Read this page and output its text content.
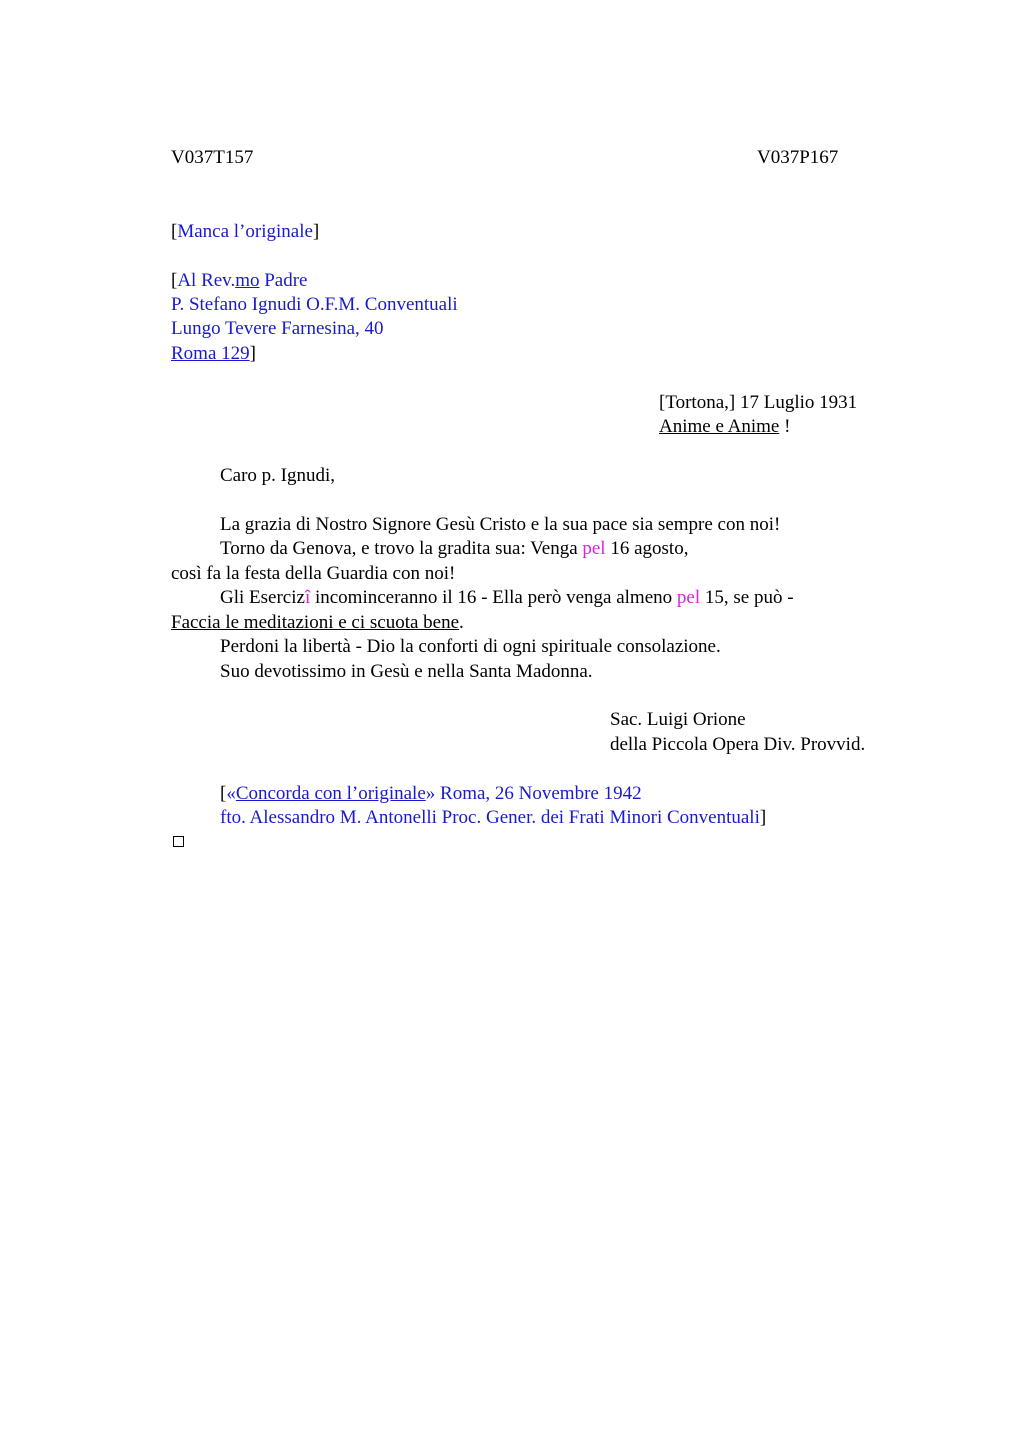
V037T157	V037P167
[Manca l’originale]
[Al Rev.mo Padre
P. Stefano Ignudi O.F.M. Conventuali
Lungo Tevere Farnesina, 40
Roma 129]
[Tortona,] 17 Luglio 1931
Anime e Anime !
Caro p. Ignudi,
La grazia di Nostro Signore Gesù Cristo e la sua pace sia sempre con noi!
Torno da Genova, e trovo la gradita sua: Venga pel 16 agosto,
così fa la festa della Guardia con noi!
Gli Esercizî incominceranno il 16 - Ella però venga almeno pel 15, se può -
Faccia le meditazioni e ci scuota bene.
Perdoni la libertà - Dio la conforti di ogni spirituale consolazione.
Suo devotissimo in Gesù e nella Santa Madonna.
Sac. Luigi Orione
della Piccola Opera Div. Provvid.
[«Concorda con l’originale» Roma, 26 Novembre 1942
fto. Alessandro M. Antonelli Proc. Gener. dei Frati Minori Conventuali]
